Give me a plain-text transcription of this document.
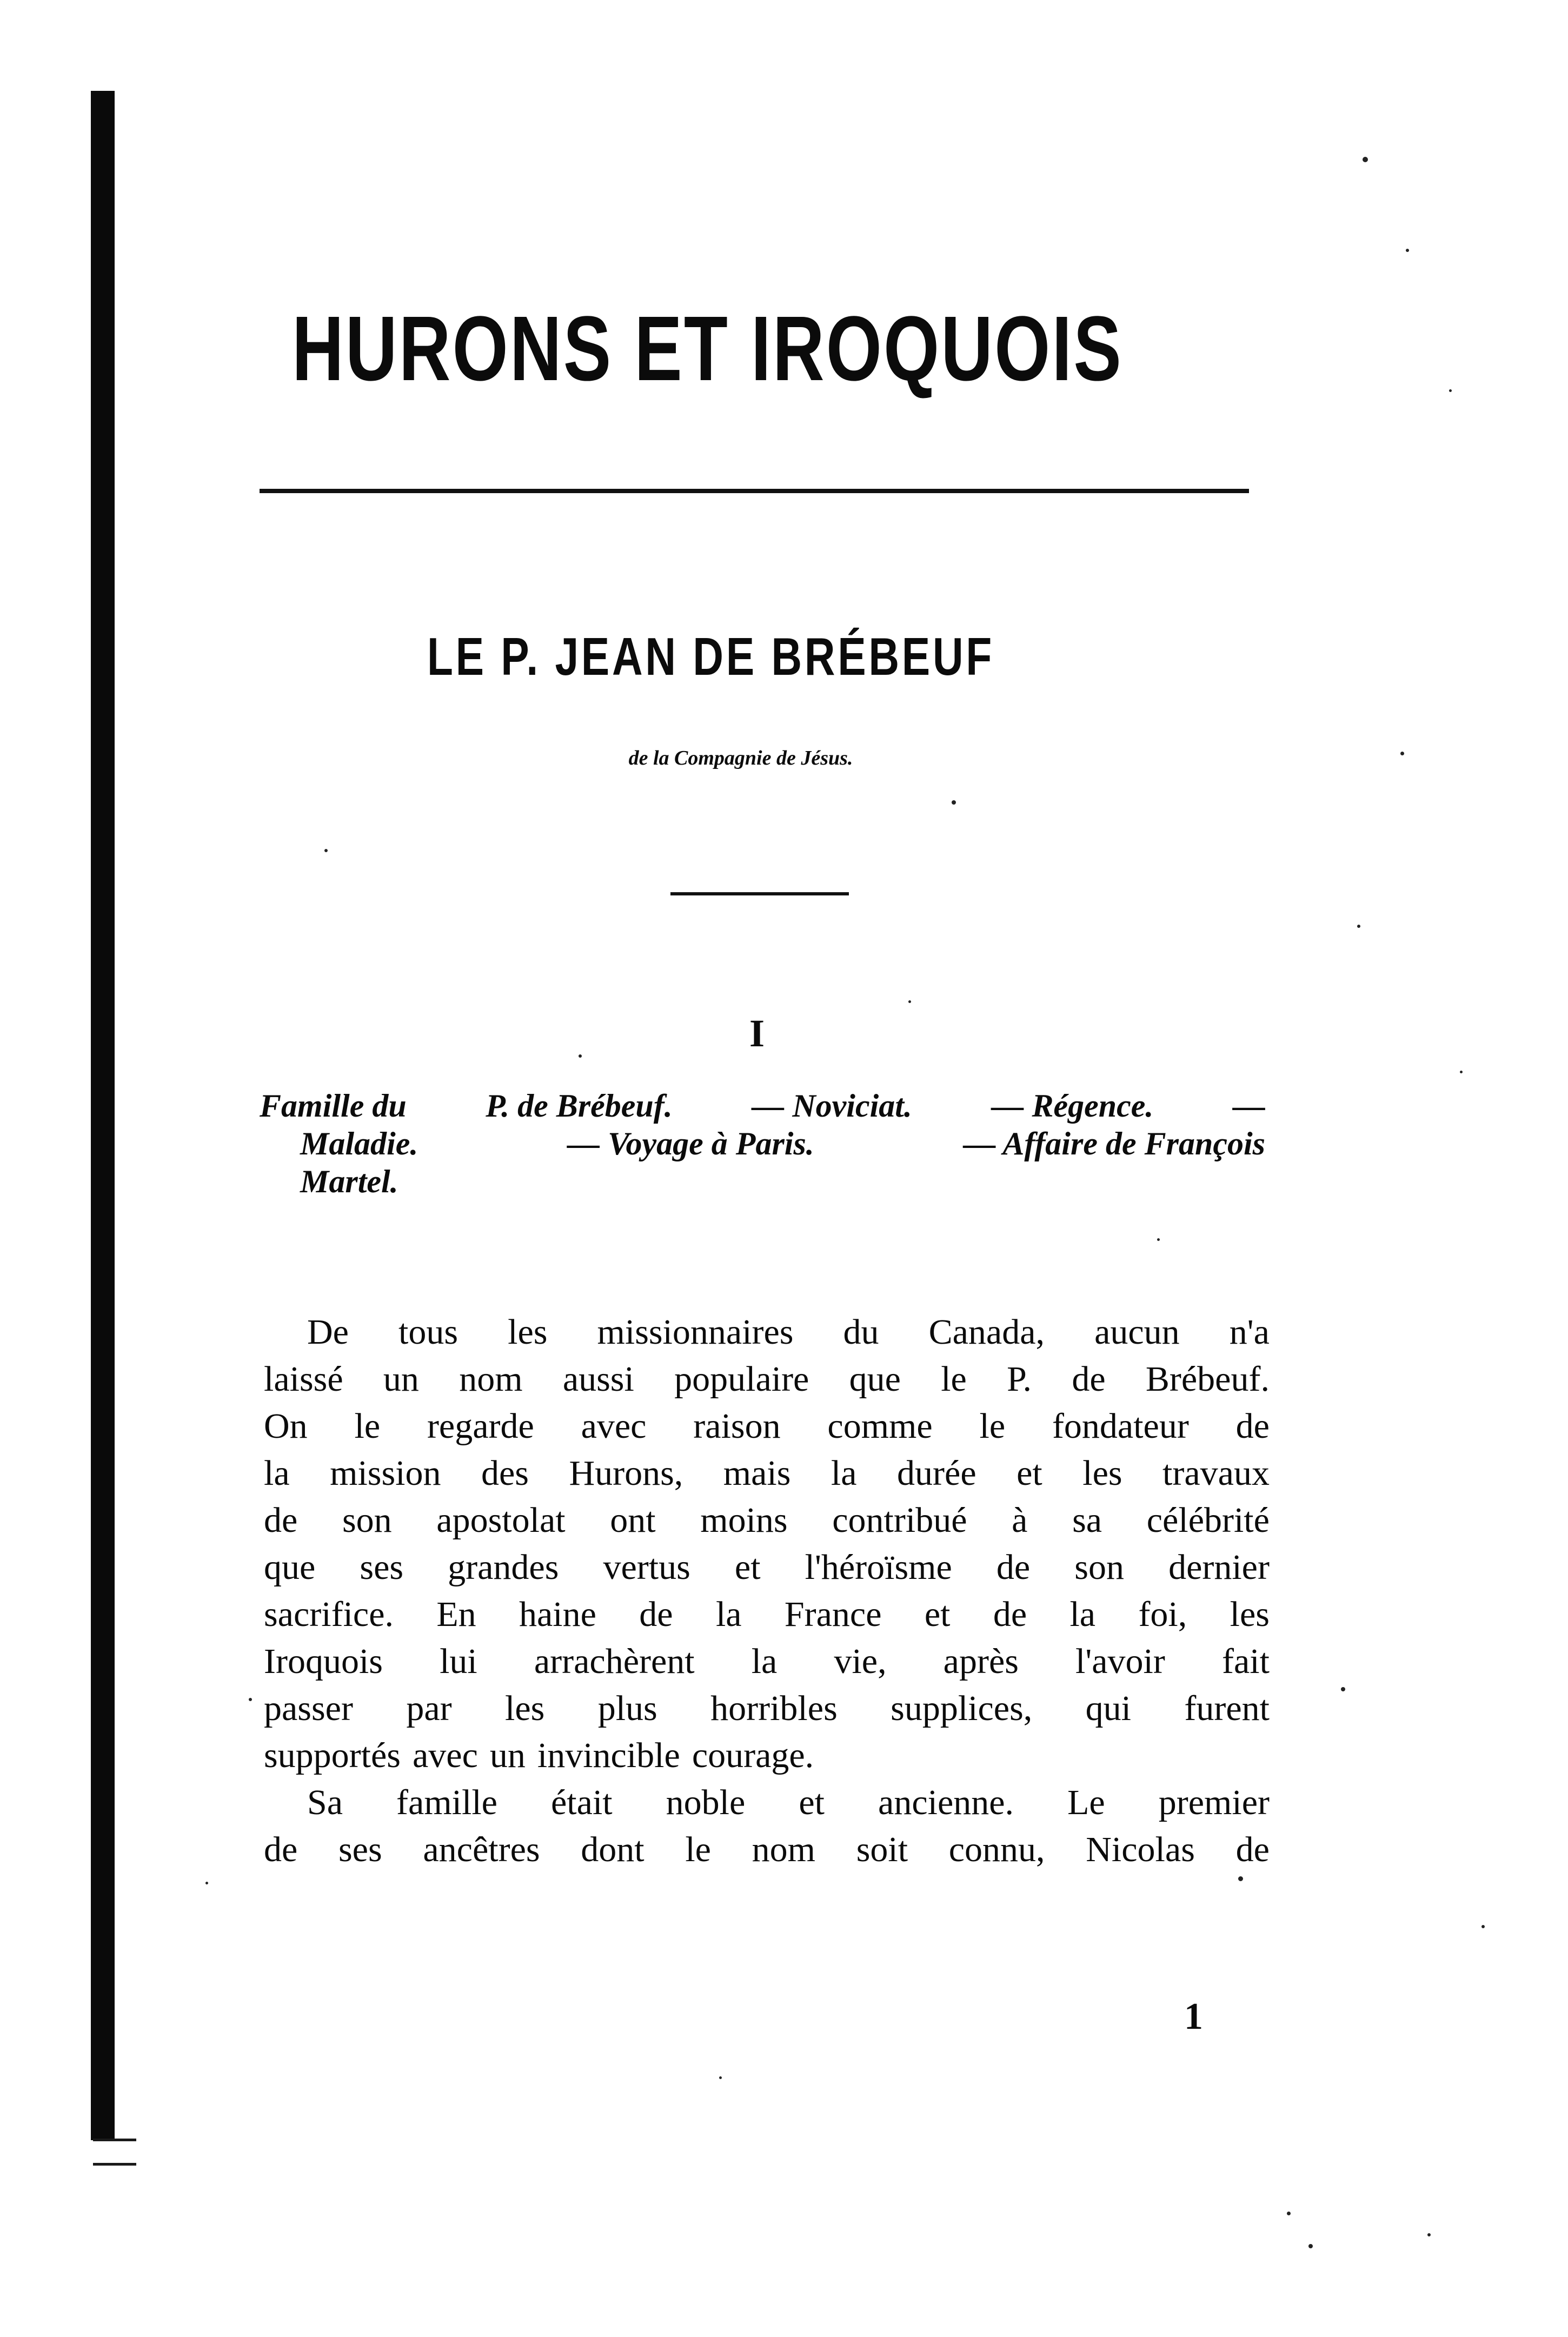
HURONS ET IROQUOIS
LE P. JEAN DE BRÉBEUF
de la Compagnie de Jésus.
I
Famille du P. de Brébeuf. — Noviciat. — Régence. —
Maladie.	— Voyage à Paris.	— Affaire de François
Martel.
De tous les missionnaires du Canada, aucun n'a
laissé un nom aussi populaire que le P. de Brébeuf.
On le regarde avec raison comme le fondateur de
la mission des Hurons, mais la durée et les travaux
de son apostolat ont moins contribué à sa célébrité
que ses grandes vertus et l'héroïsme de son dernier
sacrifice. En haine de la France et de la foi, les
Iroquois lui arrachèrent la vie, après l'avoir fait
passer par les plus horribles supplices, qui furent
supportés avec un invincible courage.
Sa famille était noble et ancienne. Le premier
de ses ancêtres dont le nom soit connu, Nicolas de
1
